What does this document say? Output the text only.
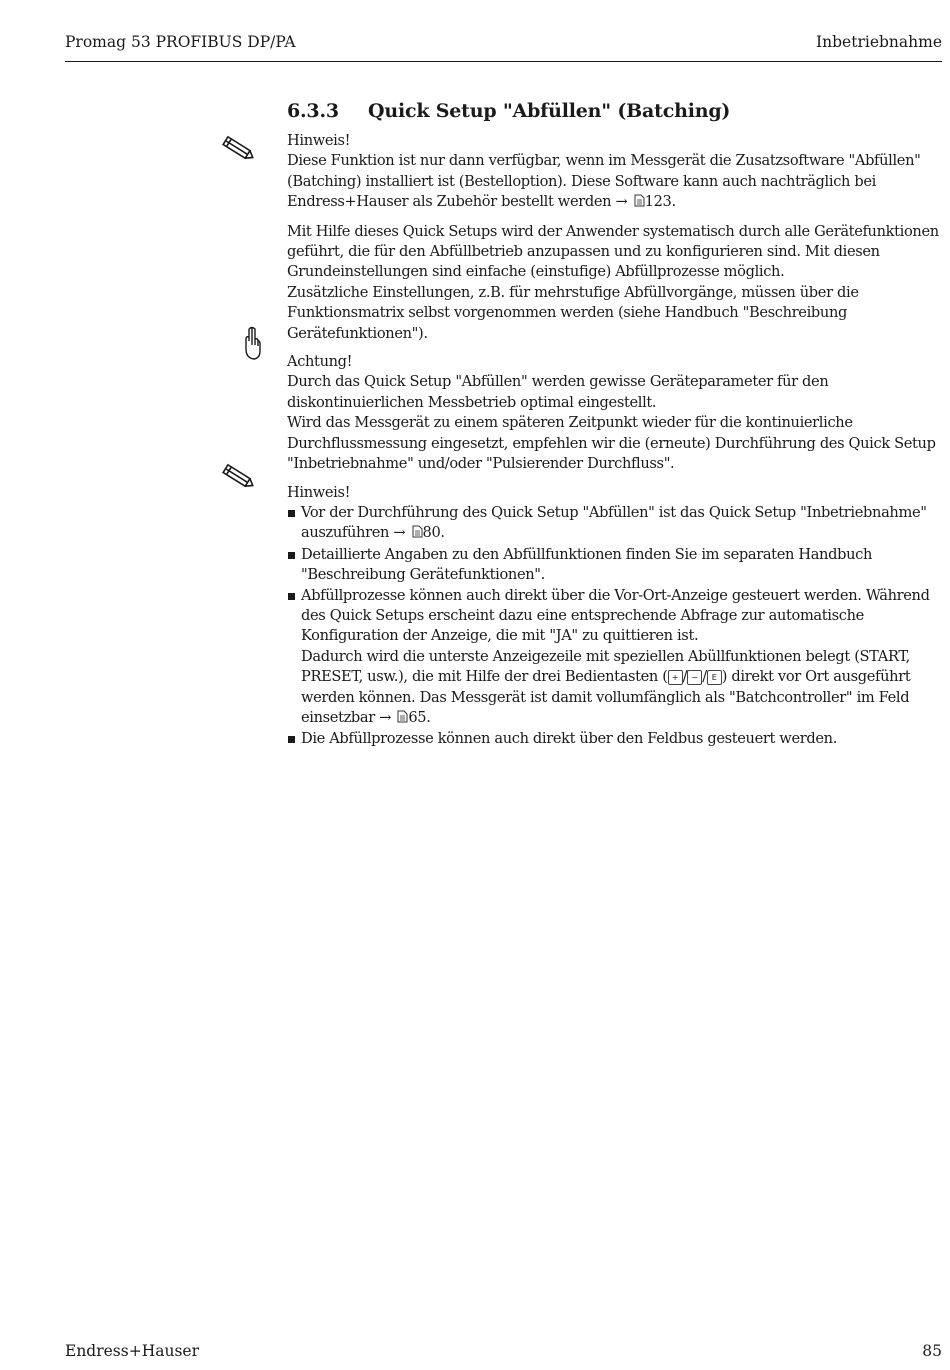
Promag 53 PROFIBUS DP/PA	Inbetriebnahme
6.3.3 Quick Setup "Abfüllen" (Batching)

Hinweis!

Diese Funktion ist nur dann verfügbar, wenn im Messgerät die Zusatzsoftware "Abfüllen" (Batching) installiert ist (Bestelloption). Diese Software kann auch nachträglich bei Endress+Hauser als Zubehör bestellt werden → 123.

Mit Hilfe dieses Quick Setups wird der Anwender systematisch durch alle Gerätefunktionen geführt, die für den Abfüllbetrieb anzupassen und zu konfigurieren sind. Mit diesen Grundeinstellungen sind einfache (einstufige) Abfüllprozesse möglich.

Zusätzliche Einstellungen, z.B. für mehrstufige Abfüllvorgänge, müssen über die Funktionsmatrix selbst vorgenommen werden (siehe Handbuch "Beschreibung Gerätefunktionen").

Achtung!

Durch das Quick Setup "Abfüllen" werden gewisse Geräteparameter für den diskontinuierlichen Messbetrieb optimal eingestellt.

Wird das Messgerät zu einem späteren Zeitpunkt wieder für die kontinuierliche Durchflussmessung eingesetzt, empfehlen wir die (erneute) Durchführung des Quick Setup "Inbetriebnahme" und/oder "Pulsierender Durchfluss".

Hinweis!

Vor der Durchführung des Quick Setup "Abfüllen" ist das Quick Setup "Inbetriebnahme" auszuführen → 80.
Detaillierte Angaben zu den Abfüllfunktionen finden Sie im separaten Handbuch "Beschreibung Gerätefunktionen".
Abfüllprozesse können auch direkt über die Vor-Ort-Anzeige gesteuert werden. Während des Quick Setups erscheint dazu eine entsprechende Abfrage zur automatische Konfiguration der Anzeige, die mit "JA" zu quittieren ist.
Dadurch wird die unterste Anzeigezeile mit speziellen Abüllfunktionen belegt (START, PRESET, usw.), die mit Hilfe der drei Bedientasten ( + / − / E ) direkt vor Ort ausgeführt werden können. Das Messgerät ist damit vollumfänglich als "Batchcontroller" im Feld einsetzbar → 65.
Die Abfüllprozesse können auch direkt über den Feldbus gesteuert werden.
Endress+Hauser	85
